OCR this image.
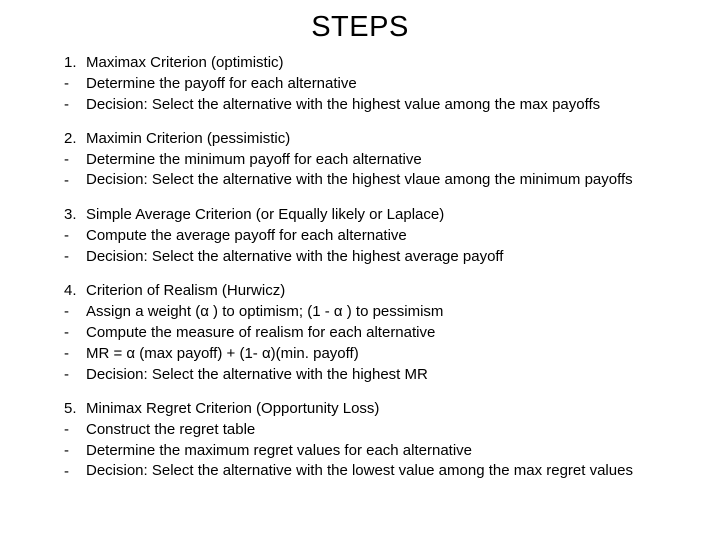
STEPS
1. Maximax Criterion (optimistic)
-	Determine the payoff for each alternative
-	Decision: Select the alternative with the highest value among the max payoffs
2. Maximin Criterion (pessimistic)
-	Determine the minimum payoff for each alternative
-	Decision: Select the alternative with the highest vlaue among the minimum payoffs
3. Simple Average Criterion (or Equally likely or Laplace)
-	Compute the average payoff for each alternative
-	Decision: Select the alternative with the highest average payoff
4. Criterion of Realism (Hurwicz)
-	Assign a weight (α ) to optimism; (1 - α ) to pessimism
-	Compute the measure of realism for each alternative
-	MR = α (max payoff) + (1- α)(min. payoff)
-	Decision: Select the alternative with the highest MR
5. Minimax Regret Criterion (Opportunity Loss)
-	Construct the regret table
-	Determine the maximum regret values for each alternative
-	Decision: Select the alternative with the lowest value among the max regret values
